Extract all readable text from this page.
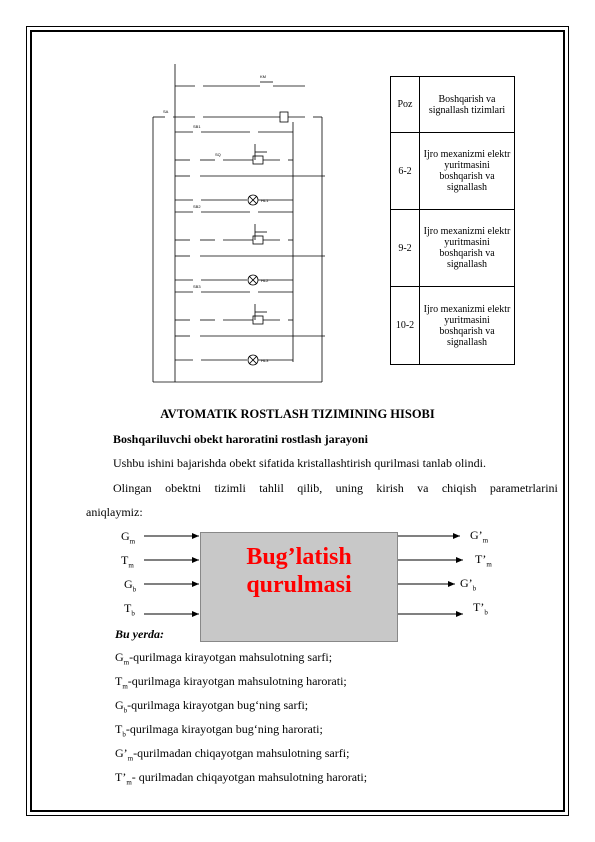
Poz	Boshqarish va signallash tizimlari
6-2	Ijro mexanizmi elektr yuritmasini boshqarish va signallash
9-2	Ijro mexanizmi elektr yuritmasini boshqarish va signallash
10-2	Ijro mexanizmi elektr yuritmasini boshqarish va signallash
AVTOMATIK ROSTLASH TIZIMINING HISOBI
Boshqariluvchi obekt haroratini rostlash jarayoni
Ushbu ishini bajarishda obekt sifatida kristallashtirish qurilmasi tanlab olindi.
Olingan obektni tizimli tahlil qilib, uning kirish va chiqish parametrlarini
aniqlaymiz:
Bug’latish
qurulmasi
$G_m$
$T_m$
$G_b$
$T_b$
$G’_m$
$T’_m$
$G’_b$
$T’_b$
Bu yerda:
$G_m$-qurilmaga kirayotgan mahsulotning sarfi;
$T_m$-qurilmaga kirayotgan mahsulotning harorati;
$G_b$-qurilmaga kirayotgan bug‘ning sarfi;
$T_b$-qurilmaga kirayotgan bug‘ning harorati;
$G’_m$-qurilmadan chiqayotgan mahsulotning sarfi;
$T’_m-$ qurilmadan chiqayotgan mahsulotning harorati;
SA
KM
HL1
HL2
HL3
SB1
SB2
SB3
SQ
